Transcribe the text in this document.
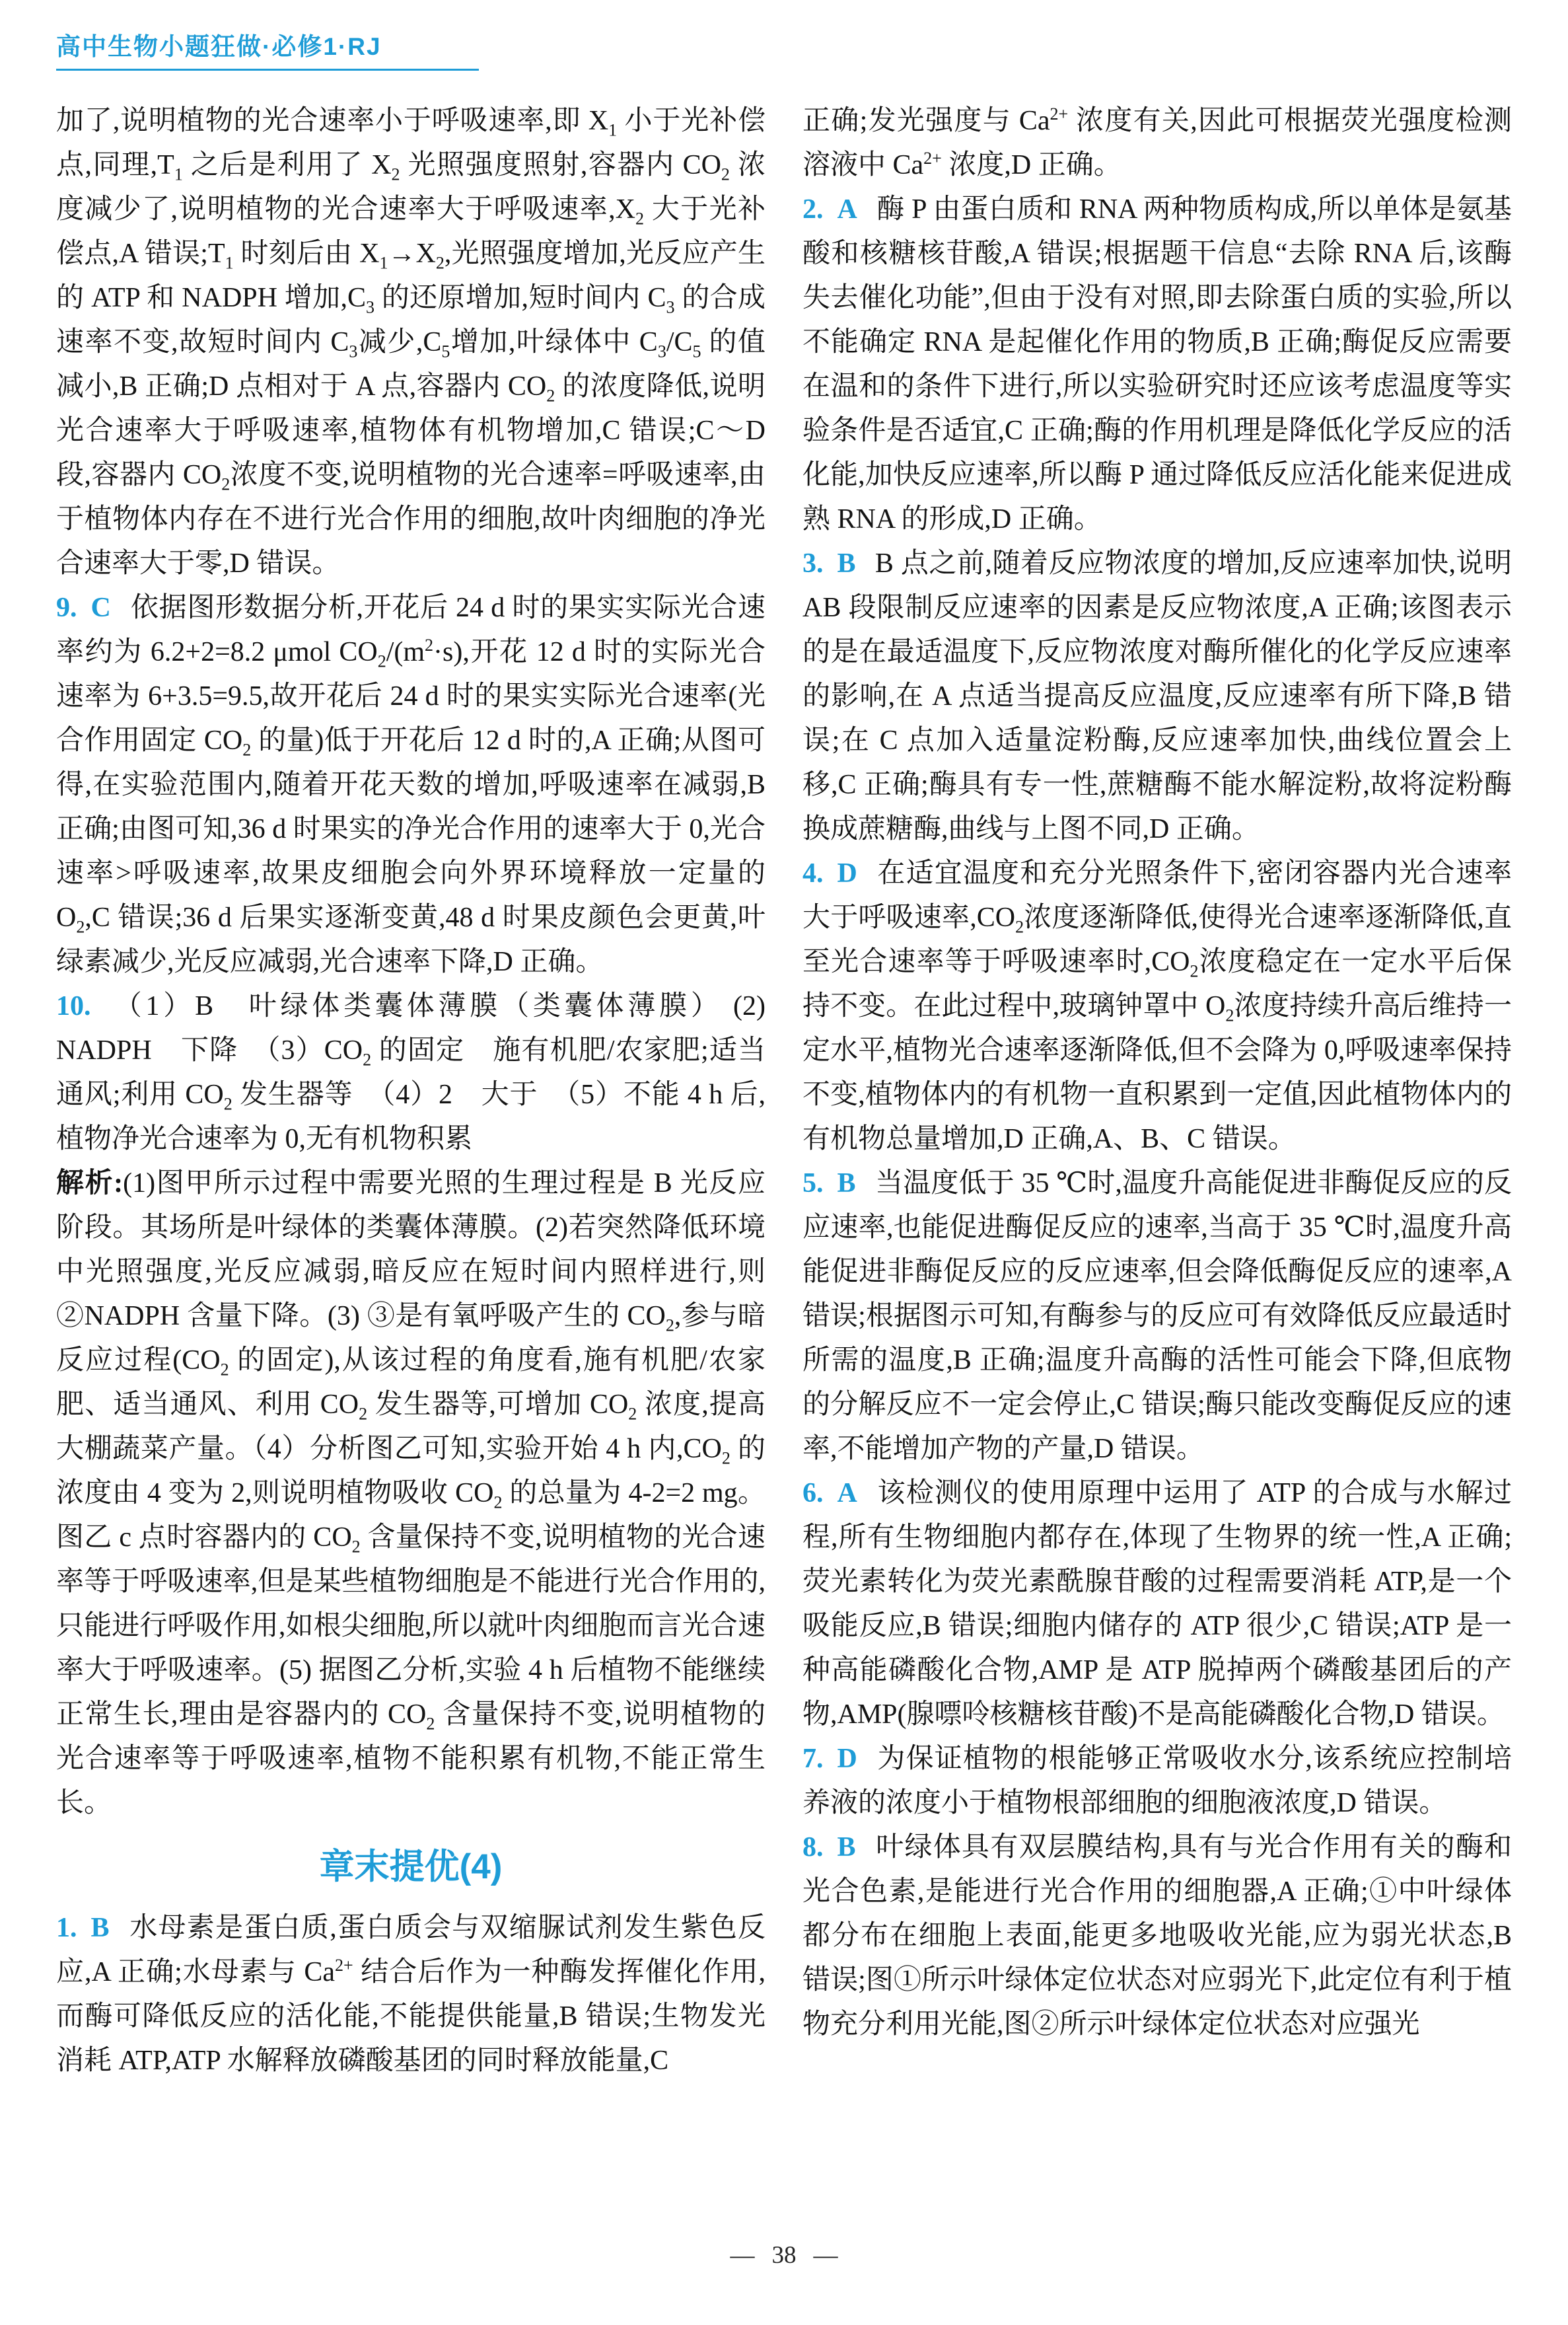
高中生物小题狂做·必修1·RJ

加了,说明植物的光合速率小于呼吸速率,即 $X_1$ 小于光补偿点,同理$,T_1$ 之后是利用了 $X_2$ 光照强度照射,容器内 $CO_2$ 浓度减少了,说明植物的光合速率大于呼吸速率$,X_2$ 大于光补偿点,A 错误$;T_1$ 时刻后由 $X_1\to X_2$,光照强度增加,光反应产生的 ATP 和 NADPH 增加$,C_3$ 的还原增加,短时间内 $C_3$ 的合成速率不变,故短时间内 $C_3$减少$,C_5$增加,叶绿体中 $C_3/C_5$ 的值减小,B 正确;D 点相对于 A 点,容器内 $CO_2$ 的浓度降低,说明光合速率大于呼吸速率,植物体有机物增加,C 错误;C～D 段,容器内 $CO_2$浓度不变,说明植物的光合速率=呼吸速率,由于植物体内存在不进行光合作用的细胞,故叶肉细胞的净光合速率大于零,D 错误。

9. C 依据图形数据分析,开花后 24 d 时的果实实际光合速率约为 6.2+2=8.2 μmol $CO_2/(m^2\cdot s)$,开花 12 d 时的实际光合速率为 6+3.5=9.5,故开花后 24 d 时的果实实际光合速率(光合作用固定 $CO_2$ 的量)低于开花后 12 d 时的,A 正确;从图可得,在实验范围内,随着开花天数的增加,呼吸速率在减弱,B 正确;由图可知,36 d 时果实的净光合作用的速率大于 0,光合速率>呼吸速率,故果皮细胞会向外界环境释放一定量的 $O_2,C$ 错误;36 d 后果实逐渐变黄,48 d 时果皮颜色会更黄,叶绿素减少,光反应减弱,光合速率下降,D 正确。

10. （1）B　叶绿体类囊体薄膜（类囊体薄膜） (2) NADPH　下降　$(3)CO_2$ 的固定　施有机肥/农家肥;适当通风;利用 $CO_2$ 发生器等　（4）2　大于　（5）不能 4 h 后,植物净光合速率为 0,无有机物积累

解析:(1)图甲所示过程中需要光照的生理过程是 B 光反应阶段。其场所是叶绿体的类囊体薄膜。(2)若突然降低环境中光照强度,光反应减弱,暗反应在短时间内照样进行,则②NADPH 含量下降。(3) ③是有氧呼吸产生的 $CO_2$,参与暗反应过程($CO_2$ 的固定),从该过程的角度看,施有机肥/农家肥、适当通风、利用 $CO_2$ 发生器等,可增加 $CO_2$ 浓度,提高大棚蔬菜产量。（4）分析图乙可知,实验开始 4 h 内$,CO_2$ 的浓度由 4 变为 2,则说明植物吸收 $CO_2$ 的总量为 4-2=2 mg。图乙 c 点时容器内的 $CO_2$ 含量保持不变,说明植物的光合速率等于呼吸速率,但是某些植物细胞是不能进行光合作用的,只能进行呼吸作用,如根尖细胞,所以就叶肉细胞而言光合速率大于呼吸速率。(5) 据图乙分析,实验 4 h 后植物不能继续正常生长,理由是容器内的 $CO_2$ 含量保持不变,说明植物的光合速率等于呼吸速率,植物不能积累有机物,不能正常生长。

章末提优(4)

1. B 水母素是蛋白质,蛋白质会与双缩脲试剂发生紫色反应,A 正确;水母素与 $Ca^{2+}$ 结合后作为一种酶发挥催化作用,而酶可降低反应的活化能,不能提供能量,B 错误;生物发光消耗 ATP,ATP 水解释放磷酸基团的同时释放能量,C

正确;发光强度与 $Ca^{2+}$ 浓度有关,因此可根据荧光强度检测溶液中 $Ca^{2+}$ 浓度,D 正确。

2. A 酶 P 由蛋白质和 RNA 两种物质构成,所以单体是氨基酸和核糖核苷酸,A 错误;根据题干信息“去除 RNA 后,该酶失去催化功能”,但由于没有对照,即去除蛋白质的实验,所以不能确定 RNA 是起催化作用的物质,B 正确;酶促反应需要在温和的条件下进行,所以实验研究时还应该考虑温度等实验条件是否适宜,C 正确;酶的作用机理是降低化学反应的活化能,加快反应速率,所以酶 P 通过降低反应活化能来促进成熟 RNA 的形成,D 正确。

3. B B 点之前,随着反应物浓度的增加,反应速率加快,说明 AB 段限制反应速率的因素是反应物浓度,A 正确;该图表示的是在最适温度下,反应物浓度对酶所催化的化学反应速率的影响,在 A 点适当提高反应温度,反应速率有所下降,B 错误;在 C 点加入适量淀粉酶,反应速率加快,曲线位置会上移,C 正确;酶具有专一性,蔗糖酶不能水解淀粉,故将淀粉酶换成蔗糖酶,曲线与上图不同,D 正确。

4. D 在适宜温度和充分光照条件下,密闭容器内光合速率大于呼吸速率$,CO_2$浓度逐渐降低,使得光合速率逐渐降低,直至光合速率等于呼吸速率时$,CO_2$浓度稳定在一定水平后保持不变。在此过程中,玻璃钟罩中 $O_2$浓度持续升高后维持一定水平,植物光合速率逐渐降低,但不会降为 0,呼吸速率保持不变,植物体内的有机物一直积累到一定值,因此植物体内的有机物总量增加,D 正确,A、B、C 错误。

5. B 当温度低于 35 ℃时,温度升高能促进非酶促反应的反应速率,也能促进酶促反应的速率,当高于 35 ℃时,温度升高能促进非酶促反应的反应速率,但会降低酶促反应的速率,A 错误;根据图示可知,有酶参与的反应可有效降低反应最适时所需的温度,B 正确;温度升高酶的活性可能会下降,但底物的分解反应不一定会停止,C 错误;酶只能改变酶促反应的速率,不能增加产物的产量,D 错误。

6. A 该检测仪的使用原理中运用了 ATP 的合成与水解过程,所有生物细胞内都存在,体现了生物界的统一性,A 正确;荧光素转化为荧光素酰腺苷酸的过程需要消耗 ATP,是一个吸能反应,B 错误;细胞内储存的 ATP 很少,C 错误;ATP 是一种高能磷酸化合物,AMP 是 ATP 脱掉两个磷酸基团后的产物,AMP(腺嘌呤核糖核苷酸)不是高能磷酸化合物,D 错误。

7. D 为保证植物的根能够正常吸收水分,该系统应控制培养液的浓度小于植物根部细胞的细胞液浓度,D 错误。

8. B 叶绿体具有双层膜结构,具有与光合作用有关的酶和光合色素,是能进行光合作用的细胞器,A 正确;①中叶绿体都分布在细胞上表面,能更多地吸收光能,应为弱光状态,B 错误;图①所示叶绿体定位状态对应弱光下,此定位有利于植物充分利用光能,图②所示叶绿体定位状态对应强光

— 38 —
